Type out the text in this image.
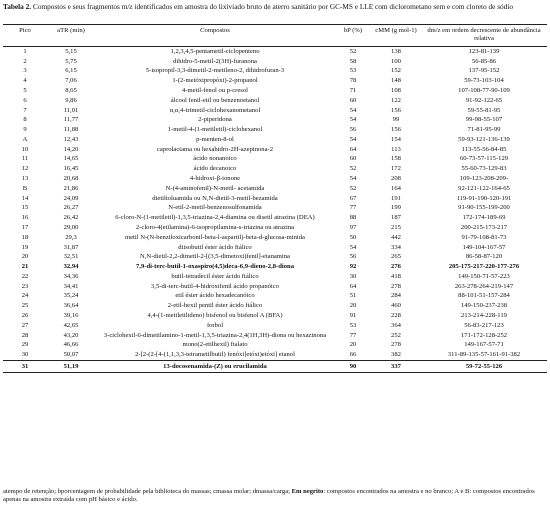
Tabela 2. Compostos e seus fragmentos m/z identificados em amostra do lixiviado bruto de aterro sanitário por GC-MS e LLE com diclorometano sem e com cloreto de sódio
Pico	aTR (min)	Compostos	bP (%)	cMM (g mol-1)	dm/z em ordem decrescente de abundância relativa
1	5,15	1,2,3,4,5-pentametil-ciclopenteno	52	138	123-81-139
2	5,75	dihidro-5-metil-2(3H)-furanona	58	100	56-85-86
3	6,15	5-isopropil-3,3-dimetil-2-metileno-2, dihidrofuran-3	53	152	137-95-152
4	7,06	1-(2-metóxipropóxi)-2-propanol	78	148	59-73-103-104
5	8,65	4-metil-fenol ou p-cresol	71	108	107-108-77-90-109
6	9,86	álcool fenil-etil ou benzenoetanol	60	122	91-92-122-65
7	11,01	α,α,4-trimetil-ciclohexanometanol	54	156	59-55-81-95
8	11,77	2-piperidona	54	99	99-98-55-107
9	11,88	1-metil-4-(1-metiletil)-ciclohexanol	56	156	71-81-95-99
A	12,43	p-menten-8-ol	54	154	59-93-121-136-139
10	14,20	caprolactama ou hexahidro-2H-azepinona-2	64	113	113-55-56-84-85
11	14,65	ácido nonanoico	60	158	60-73-57-115-129
12	16,45	ácido decanoico	52	172	55-60-73-129-83
13	20,68	4-hidroxi-β-ionone	54	208	109-123-208-209-
B	21,86	N-(4-aminofenil)-N-metil- acetamida	52	164	92-121-122-164-65
14	24,09	dietiltoluamida ou N,N-dietil-3-metil-bezamida	67	191	119-91-190-120-191
15	26,27	N-etil-2-metil-benzenosulfonamida	77	199	91-90-155-199-200
16	26,42	6-cloro-N-(1-metiletil)-1,3,5-triazina-2,4-diamina ou disetil atrazina (DEA)	88	187	172-174-189-69
17	29,00	2-cloro-4(etilamina)-6-isopropilamina-s-triazina ou atrazina	97	215	200-215-173-217
18	29,3	metil N-(N-benziloxicarbonil-beta-l-aspartil)-beta-d-glucosa-minida	50	442	91-79-108-81-73
19	31,87	diisobutil éster ácido ftálico	54	334	149-104-167-57
20	32,51	N,N-dietil-2,2-dimetil-2-[(3,5-dimetoxi)fenil]-etanamina	56	265	86-58-87-120
21	32,94	7,9-di-terc-butil-1-oxaspiro(4,5)deca-6,9-dieno-2,8-diona	92	276	205-175-217-220-177-276
22	34,36	butil-tetradecil éster ácido ftálico	30	418	149-150-71-57-223
23	34,41	3,5-di-terc-butil-4-hidroxifenil ácido propanóico	64	278	263-278-264-219-147
24	35,24	etil éster ácido hexadecanóico	51	284	88-101-51-157-284
25	36,64	2-etil-hexil pentil éster ácido ftálico	20	460	149-150-237-238
26	39,16	4,4-(1-metiletilideno) bisfenol ou bisfenol A (BFA)	91	228	213-214-228-119
27	42,65	forbol	53	364	56-83-217-123
28	43,20	3-ciclohexil-6-dimetilamino-1-metil-1,3,5-triazina-2,4(1H,3H)-diona ou hexazinona	77	252	171-172-128-252
29	46,66	mono(2-etilhexil) ftalato	20	278	149-167-57-71
30	50,07	2-[2-(2-[4-(1,1,3,3-tetrametilbutil) fenóxi]etóxi)etóxi] etanol	66	382	311-89-135-57-161-91-382
31	51,19	13-docosenamida-(Z) ou erucilamida	90	337	59-72-55-126
atempo de retenção; bporcentagem de probabilidade pela biblioteca do massas; cmassa molar; dmassa/carga; Em negrito: compostos encontrados na amostra e no branco; A e B: compostos encontrados apenas na amostra extraída com pH básico e ácido.
